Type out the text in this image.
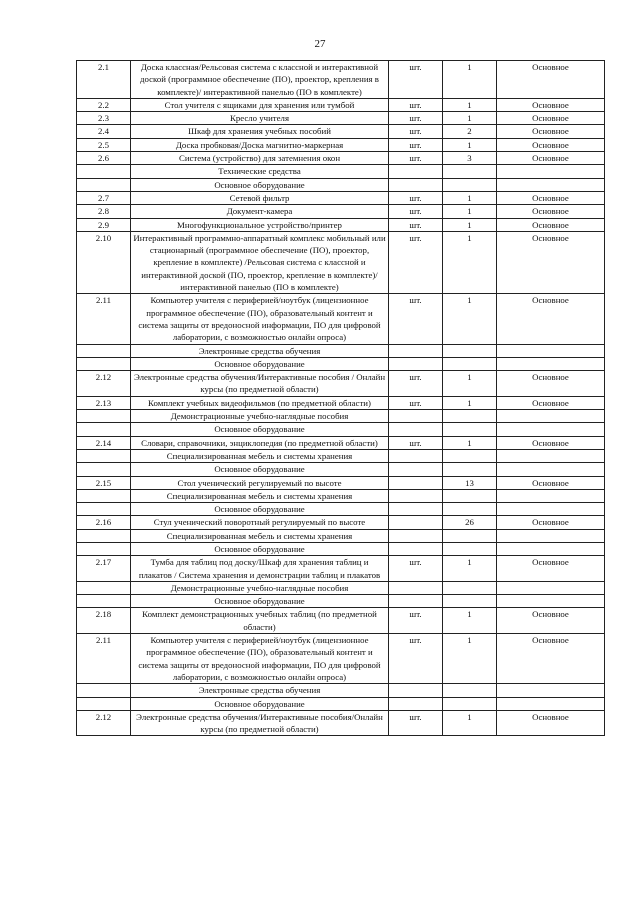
27
2.1	Доска классная/Рельсовая система с классной и интерактивной доской (программное обеспечение (ПО), проектор, крепления в комплекте)/ интерактивной панелью (ПО в комплекте)	шт.	1	Основное
2.2	Стол учителя с ящиками для хранения или тумбой	шт.	1	Основное
2.3	Кресло учителя	шт.	1	Основное
2.4	Шкаф для хранения учебных пособий	шт.	2	Основное
2.5	Доска пробковая/Доска магнитно-маркерная	шт.	1	Основное
2.6	Система (устройство) для затемнения окон	шт.	3	Основное
	Технические средства			
	Основное оборудование			
2.7	Сетевой фильтр	шт.	1	Основное
2.8	Документ-камера	шт.	1	Основное
2.9	Многофункциональное устройство/принтер	шт.	1	Основное
2.10	Интерактивный программно-аппаратный комплекс мобильный или стационарный (программное обеспечение (ПО), проектор, крепление в комплекте) /Рельсовая система с классной и интерактивной доской (ПО, проектор, крепление в комплекте)/ интерактивной панелью (ПО в комплекте)	шт.	1	Основное
2.11	Компьютер учителя с периферией/ноутбук (лицензионное программное обеспечение (ПО), образовательный контент и система защиты от вредоносной информации, ПО для цифровой лаборатории, с возможностью онлайн опроса)	шт.	1	Основное
	Электронные средства обучения			
	Основное оборудование			
2.12	Электронные средства обучения/Интерактивные пособия / Онлайн курсы (по предметной области)	шт.	1	Основное
2.13	Комплект учебных видеофильмов (по предметной области)	шт.	1	Основное
	Демонстрационные учебно-наглядные пособия			
	Основное оборудование			
2.14	Словари, справочники, энциклопедия (по предметной области)	шт.	1	Основное
	Специализированная мебель и системы хранения			
	Основное оборудование			
2.15	Стол ученический регулируемый по высоте		13	Основное
	Специализированная мебель и системы хранения			
	Основное оборудование			
2.16	Стул ученический поворотный регулируемый по высоте		26	Основное
	Специализированная мебель и системы хранения			
	Основное оборудование			
2.17	Тумба для таблиц под доску/Шкаф для хранения таблиц и плакатов / Система хранения и демонстрации таблиц и плакатов	шт.	1	Основное
	Демонстрационные учебно-наглядные пособия			
	Основное оборудование			
2.18	Комплект демонстрационных учебных таблиц (по предметной области)	шт.	1	Основное
2.11	Компьютер учителя с периферией/ноутбук (лицензионное программное обеспечение (ПО), образовательный контент и система защиты от вредоносной информации, ПО для цифровой лаборатории, с возможностью онлайн опроса)	шт.	1	Основное
	Электронные средства обучения			
	Основное оборудование			
2.12	Электронные средства обучения/Интерактивные пособия/Онлайн курсы (по предметной области)	шт.	1	Основное
